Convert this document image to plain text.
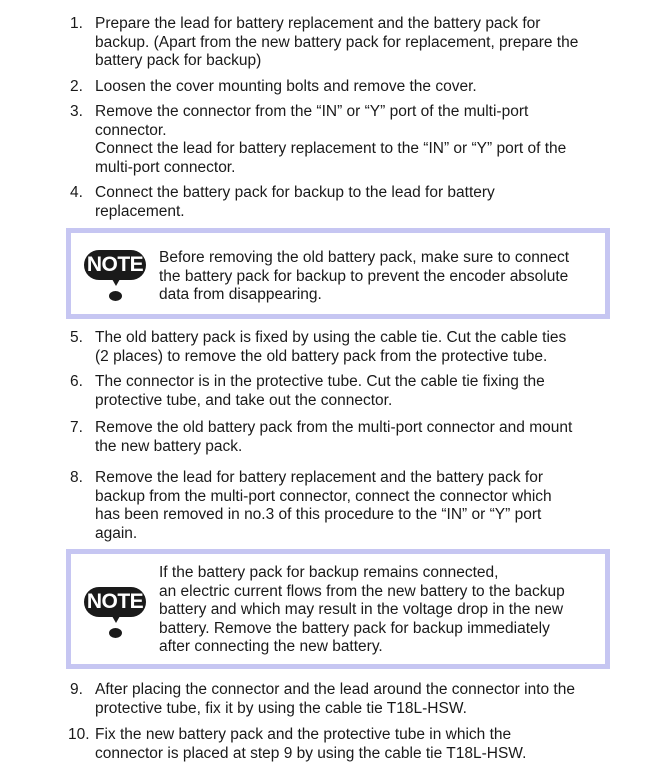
1. Prepare the lead for battery replacement and the battery pack for
backup. (Apart from the new battery pack for replacement, prepare the
battery pack for backup)
2. Loosen the cover mounting bolts and remove the cover.
3. Remove the connector from the “IN” or “Y” port of the multi-port
connector.
Connect the lead for battery replacement to the “IN” or “Y” port of the
multi-port connector.
4. Connect the battery pack for backup to the lead for battery
replacement.
NOTE Before removing the old battery pack, make sure to connect
the battery pack for backup to prevent the encoder absolute
data from disappearing.
5. The old battery pack is fixed by using the cable tie. Cut the cable ties
(2 places) to remove the old battery pack from the protective tube.
6. The connector is in the protective tube. Cut the cable tie fixing the
protective tube, and take out the connector.
7. Remove the old battery pack from the multi-port connector and mount
the new battery pack.
8. Remove the lead for battery replacement and the battery pack for
backup from the multi-port connector, connect the connector which
has been removed in no.3 of this procedure to the “IN” or “Y” port
again.
NOTE
If the battery pack for backup remains connected,
an electric current flows from the new battery to the backup
battery and which may result in the voltage drop in the new
battery. Remove the battery pack for backup immediately
after connecting the new battery.
9. After placing the connector and the lead around the connector into the
protective tube, fix it by using the cable tie T18L-HSW.
10. Fix the new battery pack and the protective tube in which the
connector is placed at step 9 by using the cable tie T18L-HSW.
